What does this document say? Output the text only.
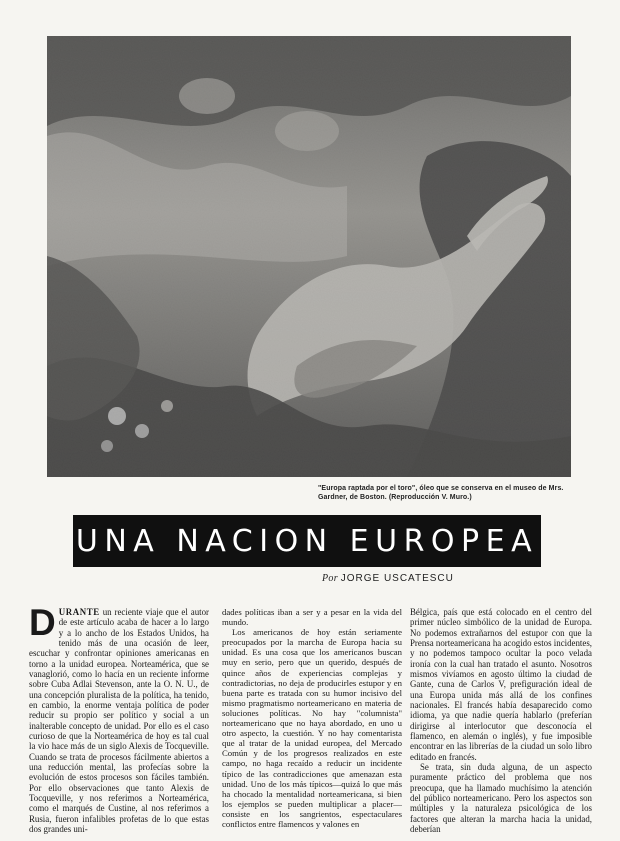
"Europa raptada por el toro", óleo que se conserva en el museo de Mrs. Gardner, de Boston. (Reproducción V. Muro.)
UNA NACION EUROPEA
Por JORGE USCATESCU

DURANTE un reciente viaje que el autor de este artículo acaba de hacer a lo largo y a lo ancho de los Estados Unidos, ha tenido más de una ocasión de leer, escuchar y confrontar opiniones americanas en torno a la unidad europea. Norteamérica, que se vanaglorió, como lo hacía en un reciente informe sobre Cuba Adlai Stevenson, ante la O. N. U., de una concepción pluralista de la política, ha tenido, en cambio, la enorme ventaja política de poder reducir su propio ser político y social a un inalterable concepto de unidad. Por ello es el caso curioso de que la Norteamérica de hoy es tal cual la vio hace más de un siglo Alexis de Tocqueville. Cuando se trata de procesos fácilmente abiertos a una reducción mental, las profecías sobre la evolución de estos procesos son fáciles también. Por ello observaciones que tanto Alexis de Tocqueville, y nos referimos a Norteamérica, como el marqués de Custine, al nos referimos a Rusia, fueron infalibles profetas de lo que estas dos grandes uni-

dades políticas iban a ser y a pesar en la vida del mundo.

Los americanos de hoy están seriamente preocupados por la marcha de Europa hacia su unidad. Es una cosa que los americanos buscan muy en serio, pero que un querido, después de quince años de experiencias complejas y contradictorias, no deja de producirles estupor y en buena parte es tratada con su humor incisivo del mismo pragmatismo norteamericano en materia de soluciones políticas. No hay "columnista" norteamericano que no haya abordado, en uno u otro aspecto, la cuestión. Y no hay comentarista que al tratar de la unidad europea, del Mercado Común y de los progresos realizados en este campo, no haga recaído a reducir un incidente típico de las contradicciones que amenazan esta unidad. Uno de los más típicos—quizá lo que más ha chocado la mentalidad norteamericana, si bien los ejemplos se pueden multiplicar a placer—consiste en los sangrientos, espectaculares conflictos entre flamencos y valones en

Bélgica, país que está colocado en el centro del primer núcleo simbólico de la unidad de Europa. No podemos extrañarnos del estupor con que la Prensa norteamericana ha acogido estos incidentes, y no podemos tampoco ocultar la poco velada ironía con la cual han tratado el asunto. Nosotros mismos vivíamos en agosto último la ciudad de Gante, cuna de Carlos V, prefiguración ideal de una Europa unida más allá de los confines nacionales. El francés había desaparecido como idioma, ya que nadie quería hablarlo (preferían dirigirse al interlocutor que desconocía el flamenco, en alemán o inglés), y fue imposible encontrar en las librerías de la ciudad un solo libro editado en francés.

Se trata, sin duda alguna, de un aspecto puramente práctico del problema que nos preocupa, que ha llamado muchísimo la atención del público norteamericano. Pero los aspectos son múltiples y la naturaleza psicológica de los factores que alteran la marcha hacia la unidad, deberían
